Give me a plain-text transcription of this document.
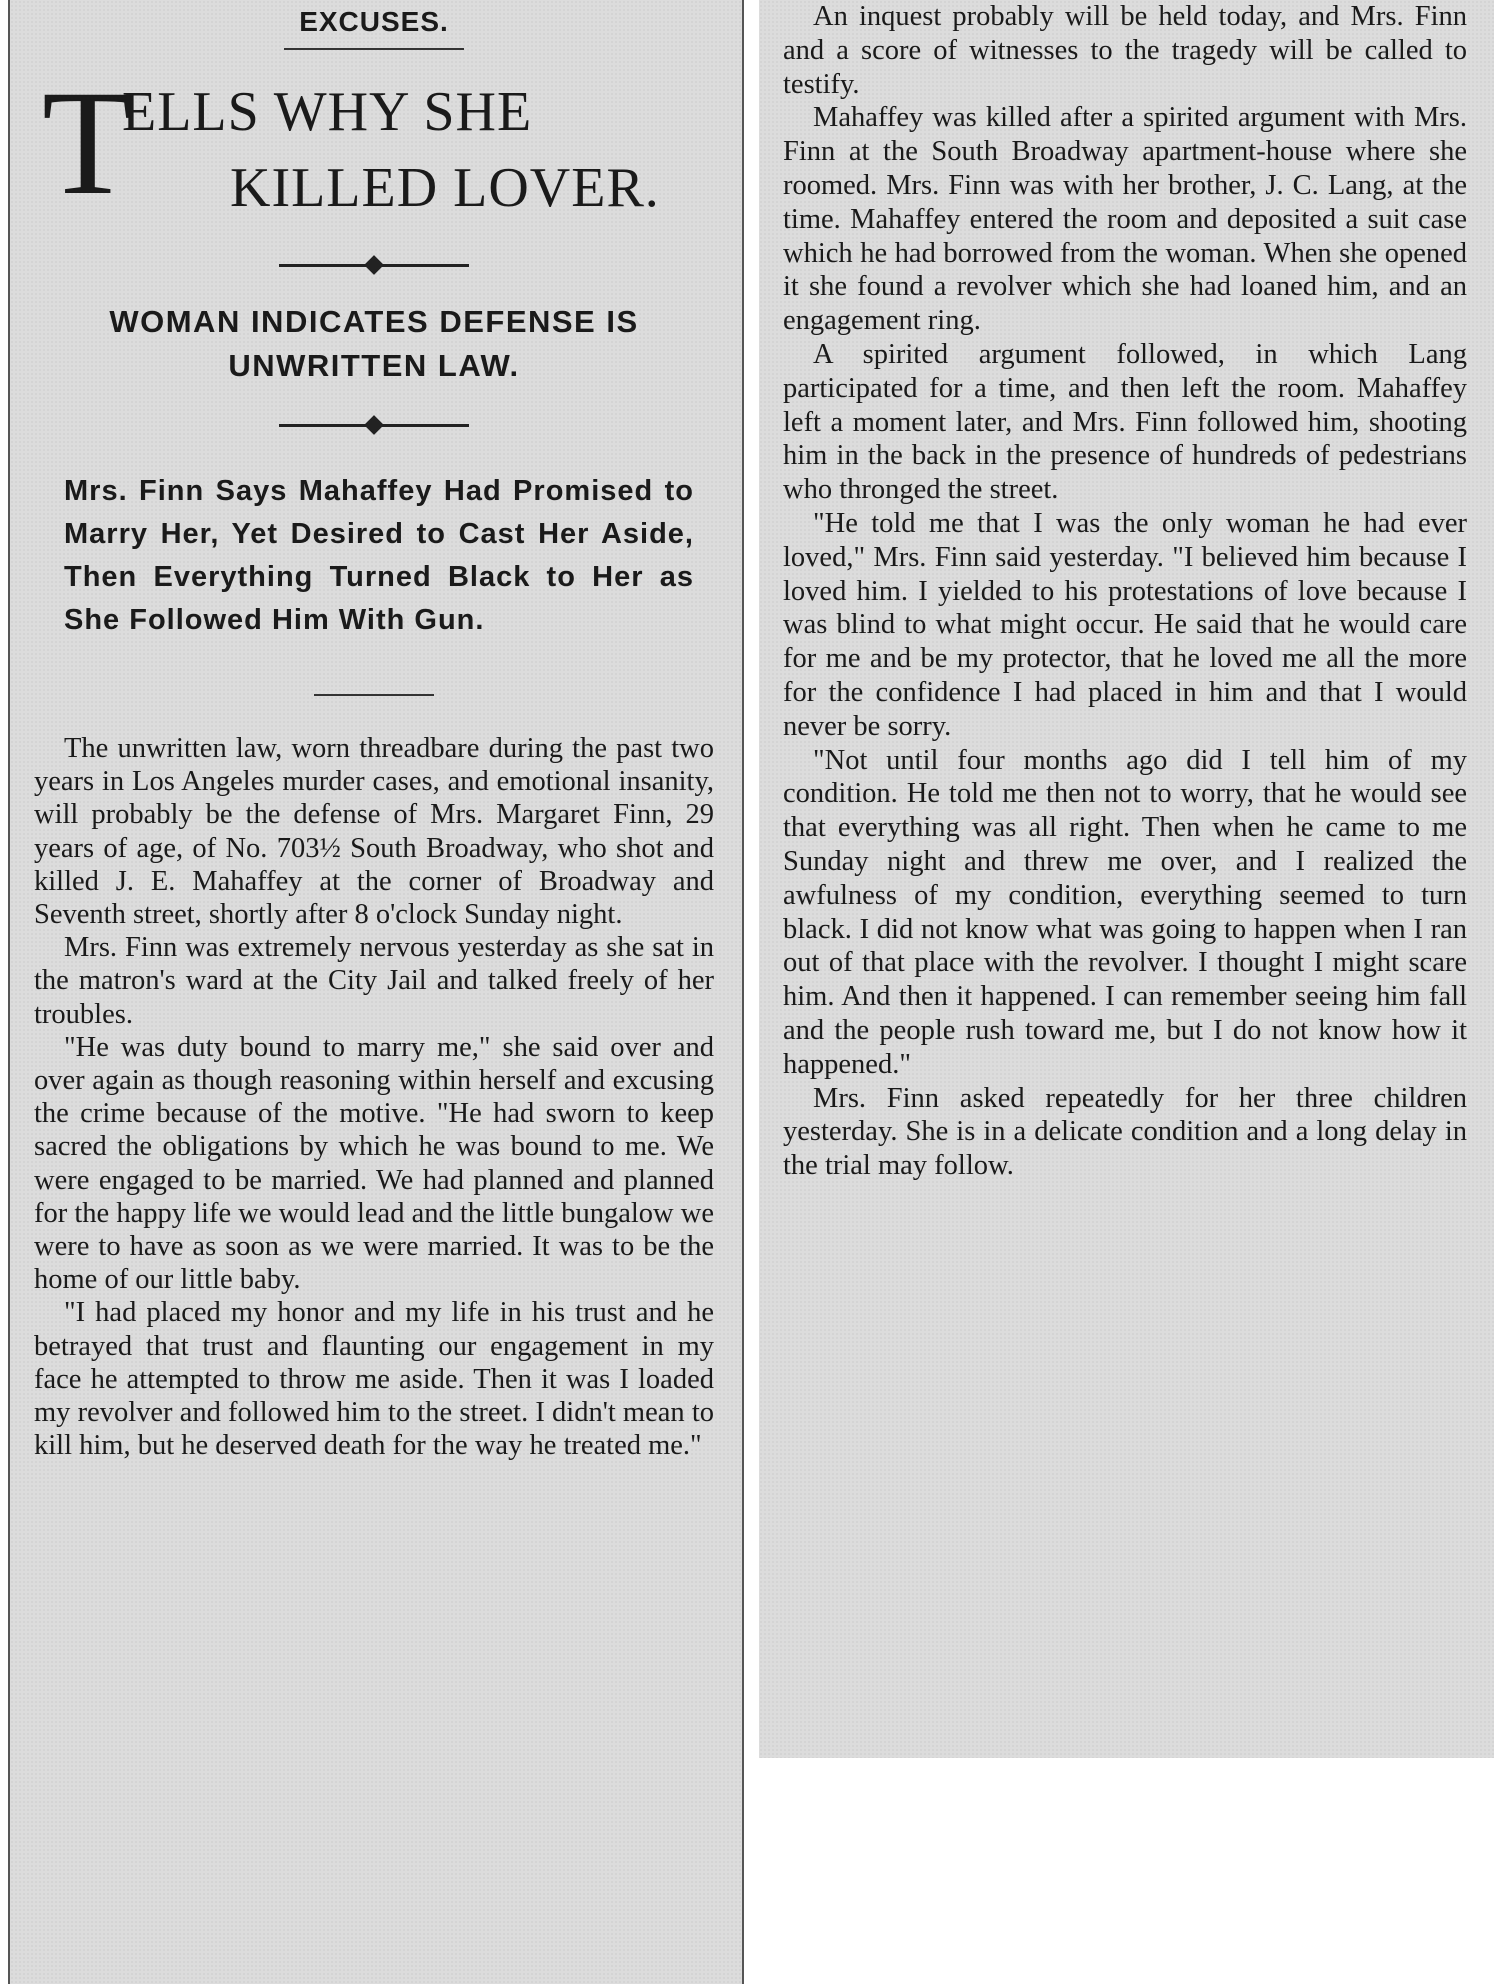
EXCUSES.
T
ELLS WHY SHE
KILLED LOVER.

WOMAN INDICATES DEFENSE IS UNWRITTEN LAW.

Mrs. Finn Says Mahaffey Had Promised to Marry Her, Yet Desired to Cast Her Aside, Then Everything Turned Black to Her as She Followed Him With Gun.

The unwritten law, worn threadbare during the past two years in Los Angeles murder cases, and emotional insanity, will probably be the defense of Mrs. Margaret Finn, 29 years of age, of No. 703½ South Broadway, who shot and killed J. E. Mahaffey at the corner of Broadway and Seventh street, shortly after 8 o'clock Sunday night.

Mrs. Finn was extremely nervous yesterday as she sat in the matron's ward at the City Jail and talked freely of her troubles.

"He was duty bound to marry me," she said over and over again as though reasoning within herself and excusing the crime because of the motive. "He had sworn to keep sacred the obligations by which he was bound to me. We were engaged to be married. We had planned and planned for the happy life we would lead and the little bungalow we were to have as soon as we were married. It was to be the home of our little baby.

"I had placed my honor and my life in his trust and he betrayed that trust and flaunting our engagement in my face he attempted to throw me aside. Then it was I loaded my revolver and followed him to the street. I didn't mean to kill him, but he deserved death for the way he treated me."

An inquest probably will be held today, and Mrs. Finn and a score of witnesses to the tragedy will be called to testify.

Mahaffey was killed after a spirited argument with Mrs. Finn at the South Broadway apartment-house where she roomed. Mrs. Finn was with her brother, J. C. Lang, at the time. Mahaffey entered the room and deposited a suit case which he had borrowed from the woman. When she opened it she found a revolver which she had loaned him, and an engagement ring.

A spirited argument followed, in which Lang participated for a time, and then left the room. Mahaffey left a moment later, and Mrs. Finn followed him, shooting him in the back in the presence of hundreds of pedestrians who thronged the street.

"He told me that I was the only woman he had ever loved," Mrs. Finn said yesterday. "I believed him because I loved him. I yielded to his protestations of love because I was blind to what might occur. He said that he would care for me and be my protector, that he loved me all the more for the confidence I had placed in him and that I would never be sorry.

"Not until four months ago did I tell him of my condition. He told me then not to worry, that he would see that everything was all right. Then when he came to me Sunday night and threw me over, and I realized the awfulness of my condition, everything seemed to turn black. I did not know what was going to happen when I ran out of that place with the revolver. I thought I might scare him. And then it happened. I can remember seeing him fall and the people rush toward me, but I do not know how it happened."

Mrs. Finn asked repeatedly for her three children yesterday. She is in a delicate condition and a long delay in the trial may follow.
